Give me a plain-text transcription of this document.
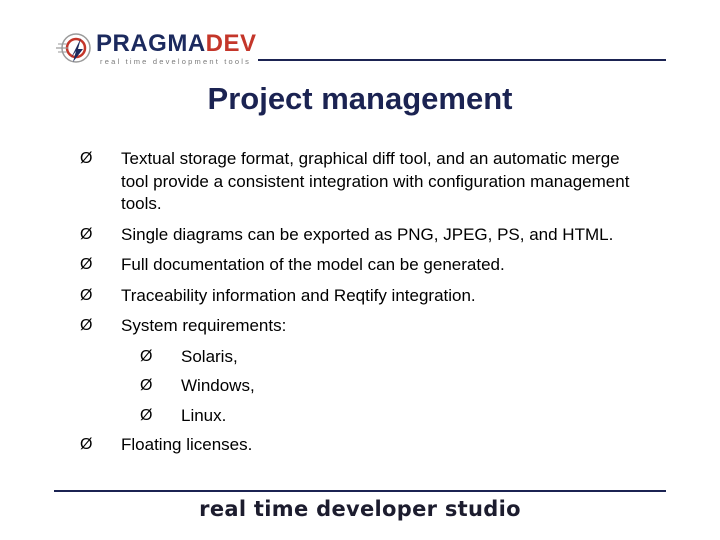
PRAGMADEV
real time development tools
Project management
Ø Textual storage format, graphical diff tool, and an automatic merge tool provide a consistent integration with configuration management tools.
Ø Single diagrams can be exported as PNG, JPEG, PS, and HTML.
Ø Full documentation of the model can be generated.
Ø Traceability information and Reqtify integration.
Ø System requirements:
Ø Solaris,
Ø Windows,
Ø Linux.
Ø Floating licenses.
real time developer studio
